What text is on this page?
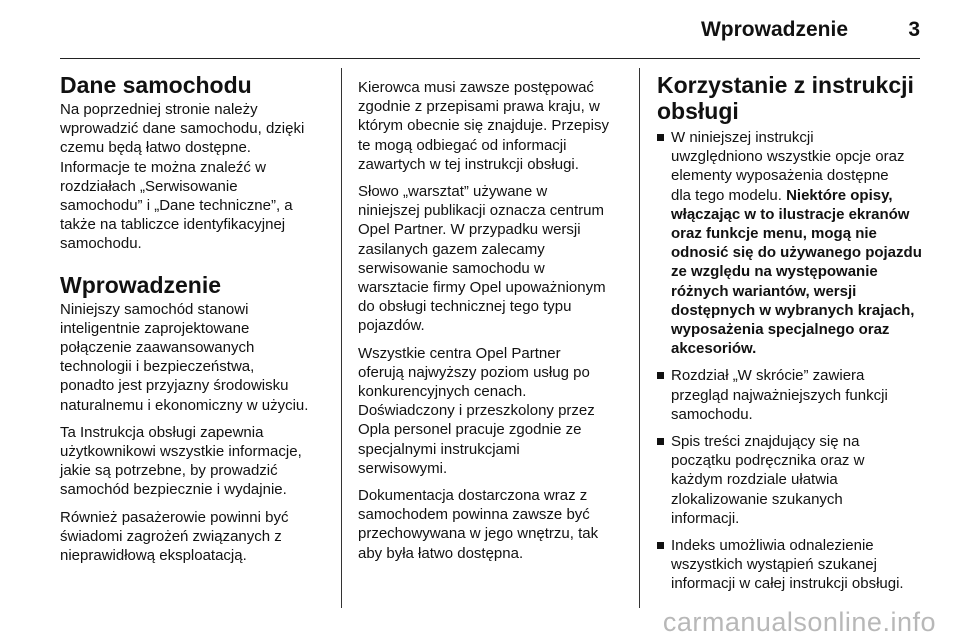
Wprowadzenie	3
Dane samochodu

Na poprzedniej stronie należy
wprowadzić dane samochodu, dzięki
czemu będą łatwo dostępne.
Informacje te można znaleźć w
rozdziałach „Serwisowanie
samochodu” i „Dane techniczne”, a
także na tabliczce identyfikacyjnej
samochodu.

Wprowadzenie

Niniejszy samochód stanowi
inteligentnie zaprojektowane
połączenie zaawansowanych
technologii i bezpieczeństwa,
ponadto jest przyjazny środowisku
naturalnemu i ekonomiczny w użyciu.

Ta Instrukcja obsługi zapewnia
użytkownikowi wszystkie informacje,
jakie są potrzebne, by prowadzić
samochód bezpiecznie i wydajnie.

Również pasażerowie powinni być
świadomi zagrożeń związanych z
nieprawidłową eksploatacją.

Kierowca musi zawsze postępować
zgodnie z przepisami prawa kraju, w
którym obecnie się znajduje. Przepisy
te mogą odbiegać od informacji
zawartych w tej instrukcji obsługi.

Słowo „warsztat” używane w
niniejszej publikacji oznacza centrum
Opel Partner. W przypadku wersji
zasilanych gazem zalecamy
serwisowanie samochodu w
warsztacie firmy Opel upoważnionym
do obsługi technicznej tego typu
pojazdów.

Wszystkie centra Opel Partner
oferują najwyższy poziom usług po
konkurencyjnych cenach.
Doświadczony i przeszkolony przez
Opla personel pracuje zgodnie ze
specjalnymi instrukcjami
serwisowymi.

Dokumentacja dostarczona wraz z
samochodem powinna zawsze być
przechowywana w jego wnętrzu, tak
aby była łatwo dostępna.

Korzystanie z instrukcji
obsługi
W niniejszej instrukcji
uwzględniono wszystkie opcje oraz
elementy wyposażenia dostępne
dla tego modelu. Niektóre opisy,
włączając w to ilustracje ekranów
oraz funkcje menu, mogą nie
odnosić się do używanego pojazdu
ze względu na występowanie
różnych wariantów, wersji
dostępnych w wybranych krajach,
wyposażenia specjalnego oraz
akcesoriów.
Rozdział „W skrócie” zawiera
przegląd najważniejszych funkcji
samochodu.
Spis treści znajdujący się na
początku podręcznika oraz w
każdym rozdziale ułatwia
zlokalizowanie szukanych
informacji.
Indeks umożliwia odnalezienie
wszystkich wystąpień szukanej
informacji w całej instrukcji obsługi.
carmanualsonline.info
